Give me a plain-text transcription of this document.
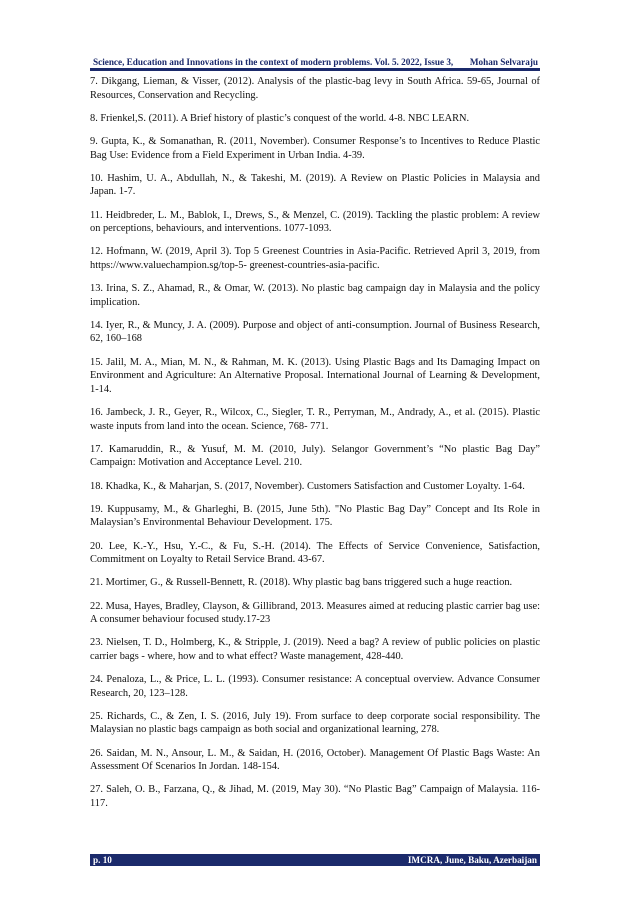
Science, Education and Innovations in the context of modern problems. Vol. 5. 2022, Issue 3, Mohan Selvaraju

7. Dikgang, Lieman, & Visser, (2012). Analysis of the plastic-bag levy in South Africa. 59-65, Journal of Resources, Conservation and Recycling.

8. Frienkel,S. (2011). A Brief history of plastic’s conquest of the world. 4-8. NBC LEARN.

9. Gupta, K., & Somanathan, R. (2011, November). Consumer Response’s to Incentives to Reduce Plastic Bag Use: Evidence from a Field Experiment in Urban India. 4-39.

10. Hashim, U. A., Abdullah, N., & Takeshi, M. (2019). A Review on Plastic Policies in Malaysia and Japan. 1-7.

11. Heidbreder, L. M., Bablok, I., Drews, S., & Menzel, C. (2019). Tackling the plastic problem: A review on perceptions, behaviours, and interventions. 1077-1093.

12. Hofmann, W. (2019, April 3). Top 5 Greenest Countries in Asia-Pacific. Retrieved April 3, 2019, from https://www.valuechampion.sg/top-5- greenest-countries-asia-pacific.

13. Irina, S. Z., Ahamad, R., & Omar, W. (2013). No plastic bag campaign day in Malaysia and the policy implication.

14. Iyer, R., & Muncy, J. A. (2009). Purpose and object of anti-consumption. Journal of Business Research, 62, 160–168

15. Jalil, M. A., Mian, M. N., & Rahman, M. K. (2013). Using Plastic Bags and Its Damaging Impact on Environment and Agriculture: An Alternative Proposal. International Journal of Learning & Development, 1-14.

16. Jambeck, J. R., Geyer, R., Wilcox, C., Siegler, T. R., Perryman, M., Andrady, A., et al. (2015). Plastic waste inputs from land into the ocean. Science, 768- 771.

17. Kamaruddin, R., & Yusuf, M. M. (2010, July). Selangor Government’s “No plastic Bag Day” Campaign: Motivation and Acceptance Level. 210.

18. Khadka, K., & Maharjan, S. (2017, November). Customers Satisfaction and Customer Loyalty. 1-64.

19. Kuppusamy, M., & Gharleghi, B. (2015, June 5th). "No Plastic Bag Day” Concept and Its Role in Malaysian’s Environmental Behaviour Development. 175.

20. Lee, K.-Y., Hsu, Y.-C., & Fu, S.-H. (2014). The Effects of Service Convenience, Satisfaction, Commitment on Loyalty to Retail Service Brand. 43-67.

21. Mortimer, G., & Russell-Bennett, R. (2018). Why plastic bag bans triggered such a huge reaction.

22. Musa, Hayes, Bradley, Clayson, & Gillibrand, 2013. Measures aimed at reducing plastic carrier bag use: A consumer behaviour focused study.17-23

23. Nielsen, T. D., Holmberg, K., & Stripple, J. (2019). Need a bag? A review of public policies on plastic carrier bags - where, how and to what effect? Waste management, 428-440.

24. Penaloza, L., & Price, L. L. (1993). Consumer resistance: A conceptual overview. Advance Consumer Research, 20, 123–128.

25. Richards, C., & Zen, I. S. (2016, July 19). From surface to deep corporate social responsibility. The Malaysian no plastic bags campaign as both social and organizational learning, 278.

26. Saidan, M. N., Ansour, L. M., & Saidan, H. (2016, October). Management Of Plastic Bags Waste: An Assessment Of Scenarios In Jordan. 148-154.

27. Saleh, O. B., Farzana, Q., & Jihad, M. (2019, May 30). “No Plastic Bag” Campaign of Malaysia. 116-117.

p. 10	IMCRA, June, Baku, Azerbaijan
